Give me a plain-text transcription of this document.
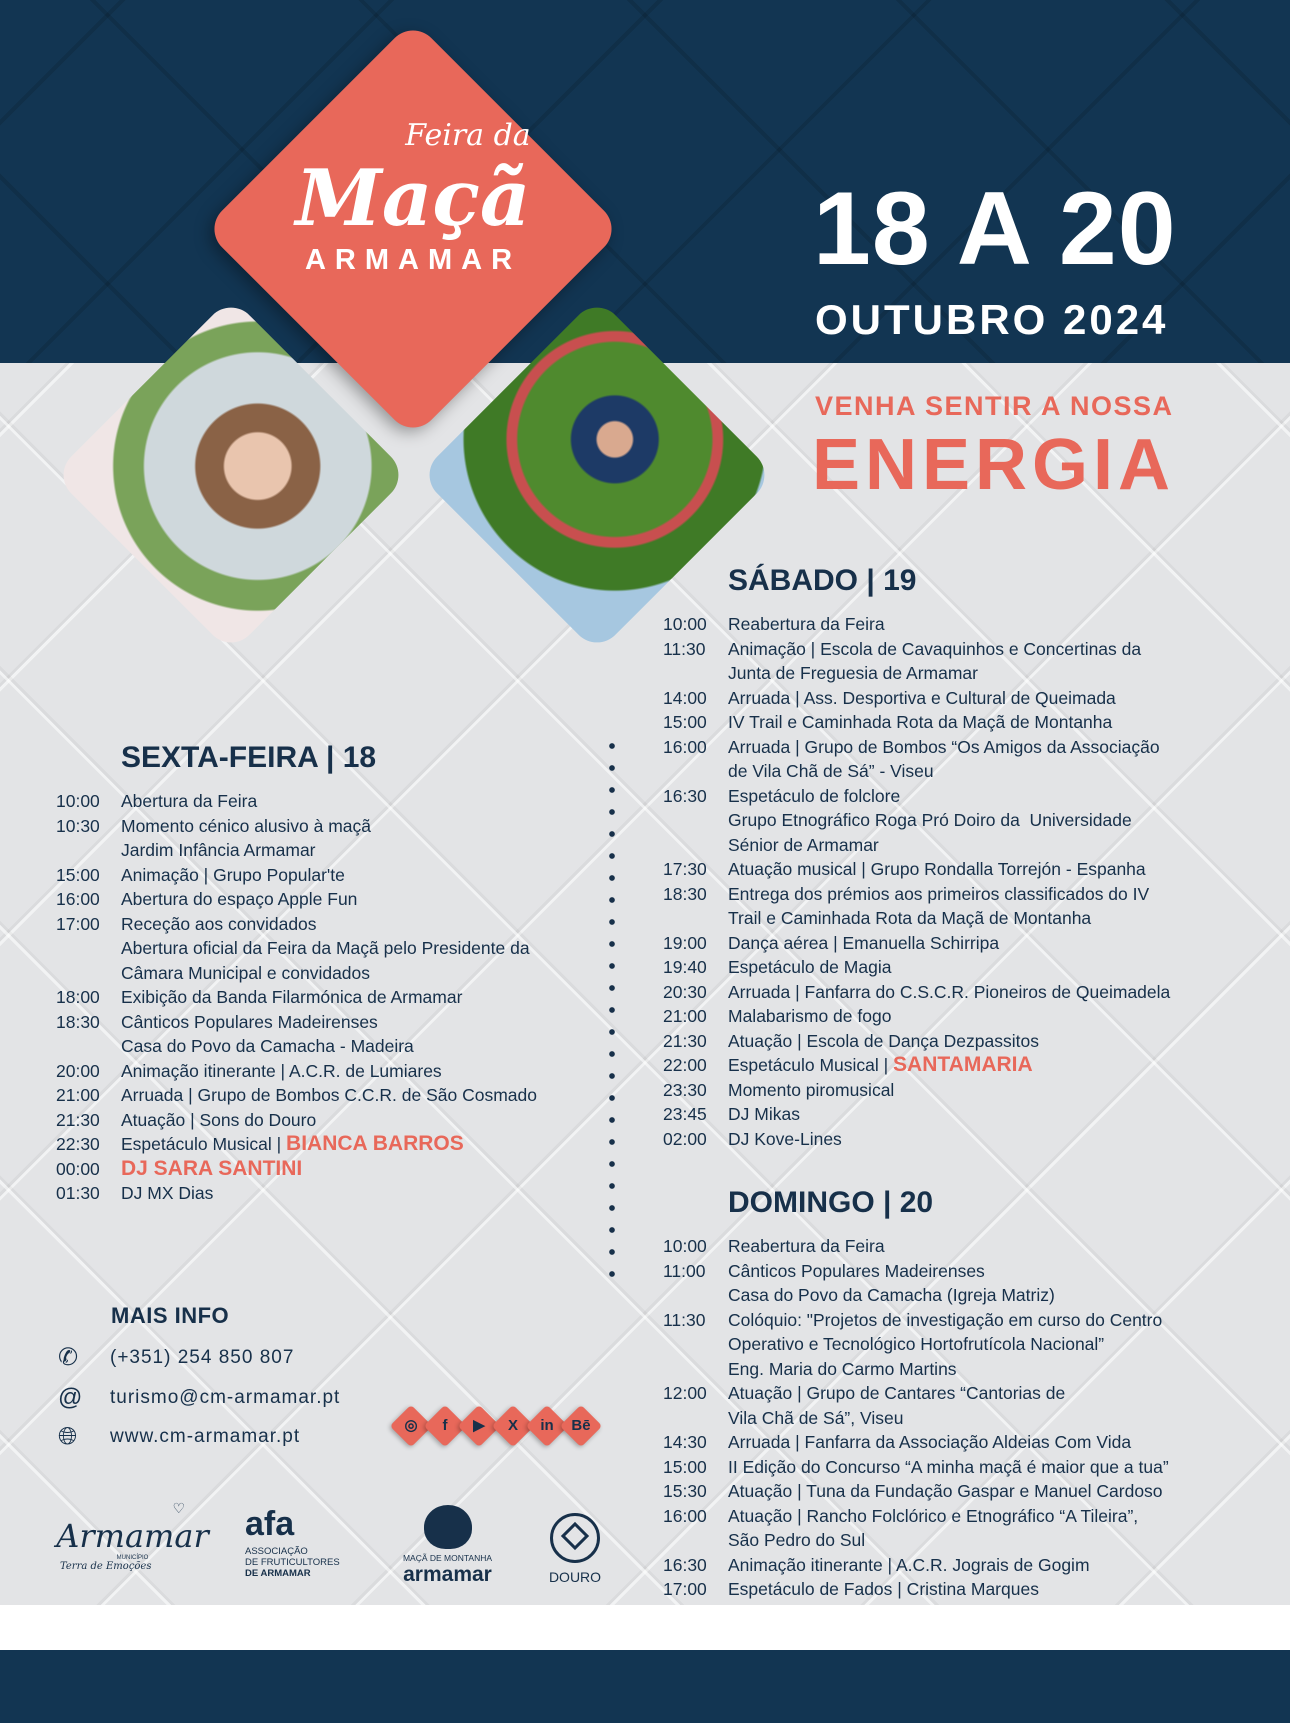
Feira da
Maçã
ARMAMAR	18 A 20
OUTUBRO 2024
VENHA SENTIR A NOSSA
ENERGIA
SEXTA-FEIRA | 18
10:00	Abertura da Feira
10:30	Momento cénico alusivo à maçã
Jardim Infância Armamar
15:00	Animação | Grupo Popular'te
16:00	Abertura do espaço Apple Fun
17:00	Receção aos convidados
Abertura oficial da Feira da Maçã pelo Presidente da
Câmara Municipal e convidados
18:00	Exibição da Banda Filarmónica de Armamar
18:30	Cânticos Populares Madeirenses
Casa do Povo da Camacha - Madeira
20:00	Animação itinerante | A.C.R. de Lumiares
21:00	Arruada | Grupo de Bombos C.C.R. de São Cosmado
21:30	Atuação | Sons do Douro
22:30	Espetáculo Musical | BIANCA BARROS
00:00	DJ SARA SANTINI
01:30	DJ MX Dias
SÁBADO | 19
10:00	Reabertura da Feira
11:30	Animação | Escola de Cavaquinhos e Concertinas da
Junta de Freguesia de Armamar
14:00	Arruada | Ass. Desportiva e Cultural de Queimada
15:00	IV Trail e Caminhada Rota da Maçã de Montanha
16:00	Arruada | Grupo de Bombos “Os Amigos da Associação
de Vila Chã de Sá” - Viseu
16:30	Espetáculo de folclore
Grupo Etnográfico Roga Pró Doiro da  Universidade
Sénior de Armamar
17:30	Atuação musical | Grupo Rondalla Torrejón - Espanha
18:30	Entrega dos prémios aos primeiros classificados do IV
Trail e Caminhada Rota da Maçã de Montanha
19:00	Dança aérea | Emanuella Schirripa
19:40	Espetáculo de Magia
20:30	Arruada | Fanfarra do C.S.C.R. Pioneiros de Queimadela
21:00	Malabarismo de fogo
21:30	Atuação | Escola de Dança Dezpassitos
22:00	Espetáculo Musical | SANTAMARIA
23:30	Momento piromusical
23:45	DJ Mikas
02:00	DJ Kove-Lines
DOMINGO | 20
10:00	Reabertura da Feira
11:00	Cânticos Populares Madeirenses
Casa do Povo da Camacha (Igreja Matriz)
11:30	Colóquio: "Projetos de investigação em curso do Centro
Operativo e Tecnológico Hortofrutícola Nacional”
Eng. Maria do Carmo Martins
12:00	Atuação | Grupo de Cantares “Cantorias de
Vila Chã de Sá”, Viseu
14:30	Arruada | Fanfarra da Associação Aldeias Com Vida
15:00	II Edição do Concurso “A minha maçã é maior que a tua”
15:30	Atuação | Tuna da Fundação Gaspar e Manuel Cardoso
16:00	Atuação | Rancho Folclórico e Etnográfico “A Tileira”,
São Pedro do Sul
16:30	Animação itinerante | A.C.R. Jograis de Gogim
17:00	Espetáculo de Fados | Cristina Marques
MAIS INFO
✆	(+351) 254 850 807
@	turismo@cm-armamar.pt
🌐︎	www.cm-armamar.pt
◎	f	▶	X	in	Bē
♡
Armamar
MUNICÍPIO
Terra de Emoções
afa
ASSOCIAÇÃO
DE FRUTICULTORES
DE ARMAMAR
MAÇÃ DE MONTANHA
armamar	DOURO
